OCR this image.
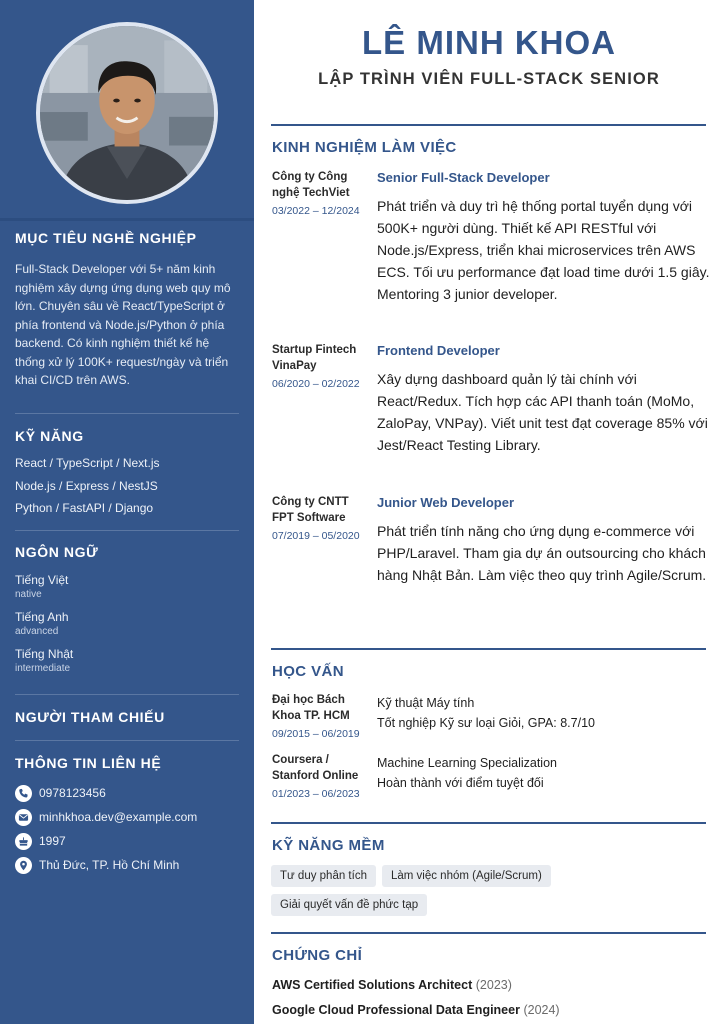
MỤC TIÊU NGHỀ NGHIỆP
Full-Stack Developer với 5+ năm kinh nghiệm xây dựng ứng dụng web quy mô lớn. Chuyên sâu về React/TypeScript ở phía frontend và Node.js/Python ở phía backend. Có kinh nghiệm thiết kế hệ thống xử lý 100K+ request/ngày và triển khai CI/CD trên AWS.
KỸ NĂNG
React / TypeScript / Next.js
Node.js / Express / NestJS
Python / FastAPI / Django
NGÔN NGỮ
Tiếng Việt
native
Tiếng Anh
advanced
Tiếng Nhật
intermediate
NGƯỜI THAM CHIẾU
THÔNG TIN LIÊN HỆ
0978123456
minhkhoa.dev@example.com
1997
Thủ Đức, TP. Hồ Chí Minh
LÊ MINH KHOA
LẬP TRÌNH VIÊN FULL-STACK SENIOR
KINH NGHIỆM LÀM VIỆC
Công ty Công nghệ TechViet
03/2022 – 12/2024
Senior Full-Stack Developer
Phát triển và duy trì hệ thống portal tuyển dụng với 500K+ người dùng. Thiết kế API RESTful với Node.js/Express, triển khai microservices trên AWS ECS. Tối ưu performance đạt load time dưới 1.5 giây. Mentoring 3 junior developer.
Startup Fintech VinaPay
06/2020 – 02/2022
Frontend Developer
Xây dựng dashboard quản lý tài chính với React/Redux. Tích hợp các API thanh toán (MoMo, ZaloPay, VNPay). Viết unit test đạt coverage 85% với Jest/React Testing Library.
Công ty CNTT FPT Software
07/2019 – 05/2020
Junior Web Developer
Phát triển tính năng cho ứng dụng e-commerce với PHP/Laravel. Tham gia dự án outsourcing cho khách hàng Nhật Bản. Làm việc theo quy trình Agile/Scrum.
HỌC VẤN
Đại học Bách Khoa TP. HCM
09/2015 – 06/2019
Kỹ thuật Máy tính
Tốt nghiệp Kỹ sư loại Giỏi, GPA: 8.7/10
Coursera / Stanford Online
01/2023 – 06/2023
Machine Learning Specialization
Hoàn thành với điểm tuyệt đối
KỸ NĂNG MỀM
Tư duy phân tích	Làm việc nhóm (Agile/Scrum)
Giải quyết vấn đề phức tạp
CHỨNG CHỈ
AWS Certified Solutions Architect (2023)
Google Cloud Professional Data Engineer (2024)
